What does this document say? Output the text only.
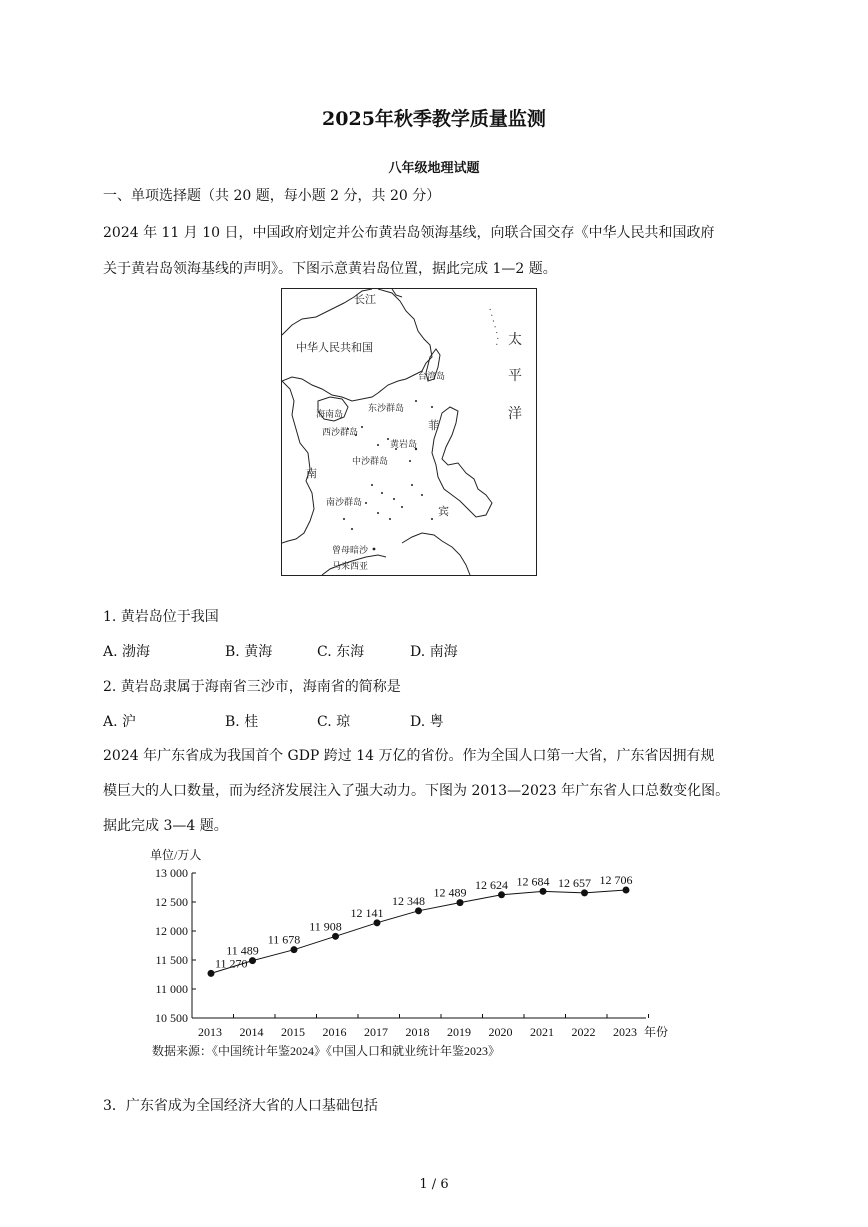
2025年秋季教学质量监测
八年级地理试题
一、单项选择题（共 20 题，每小题 2 分，共 20 分）
2024 年 11 月 10 日，中国政府划定并公布黄岩岛领海基线，向联合国交存《中华人民共和国政府
关于黄岩岛领海基线的声明》。下图示意黄岩岛位置，据此完成 1—2 题。
长江
中华人民共和国	太
平
洋
台湾岛
海南岛
东沙群岛
西沙群岛
黄岩岛
中沙群岛
南沙群岛
曾母暗沙
马来西亚
菲
宾
南
1. 黄岩岛位于我国
A. 渤海	B. 黄海	C. 东海	D. 南海
2. 黄岩岛隶属于海南省三沙市，海南省的简称是
A. 沪	B. 桂	C. 琼	D. 粤
2024 年广东省成为我国首个 GDP 跨过 14 万亿的省份。作为全国人口第一大省，广东省因拥有规
模巨大的人口数量，而为经济发展注入了强大动力。下图为 2013—2023 年广东省人口总数变化图。
据此完成 3—4 题。
10 500
11 000
11 500
12 000
12 500
13 000
2013 2014 2015 2016 2017 2018 2019 2020 2021 2022 2023
单位/万人
年份
11 270
11 489
11 678
11 908
12 141
12 348
12 489
12 624 12 684 12 657 12 706
数据来源：《中国统计年鉴2024》《中国人口和就业统计年鉴2023》
3．广东省成为全国经济大省的人口基础包括
1 / 6
